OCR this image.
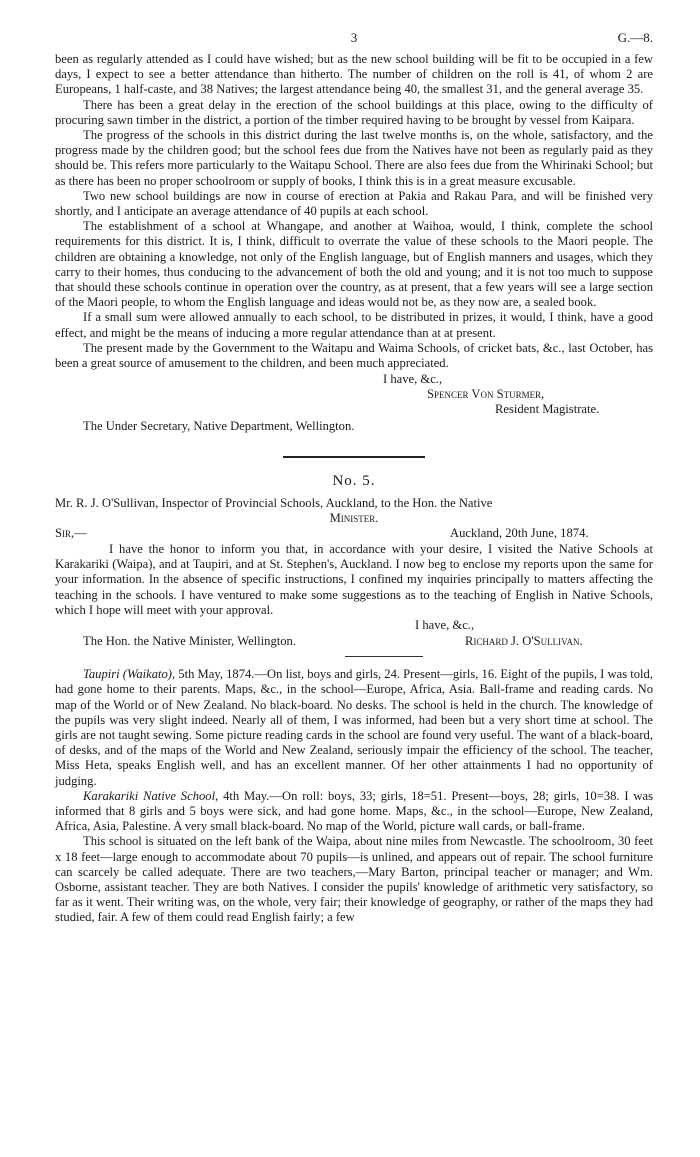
3	G.—8.

been as regularly attended as I could have wished; but as the new school building will be fit to be occupied in a few days, I expect to see a better attendance than hitherto. The number of children on the roll is 41, of whom 2 are Europeans, 1 half-caste, and 38 Natives; the largest attendance being 40, the smallest 31, and the general average 35.

There has been a great delay in the erection of the school buildings at this place, owing to the difficulty of procuring sawn timber in the district, a portion of the timber required having to be brought by vessel from Kaipara.

The progress of the schools in this district during the last twelve months is, on the whole, satisfactory, and the progress made by the children good; but the school fees due from the Natives have not been as regularly paid as they should be. This refers more particularly to the Waitapu School. There are also fees due from the Whirinaki School; but as there has been no proper schoolroom or supply of books, I think this is in a great measure excusable.

Two new school buildings are now in course of erection at Pakia and Rakau Para, and will be finished very shortly, and I anticipate an average attendance of 40 pupils at each school.

The establishment of a school at Whangape, and another at Waihoa, would, I think, complete the school requirements for this district. It is, I think, difficult to overrate the value of these schools to the Maori people. The children are obtaining a knowledge, not only of the English language, but of English manners and usages, which they carry to their homes, thus conducing to the advancement of both the old and young; and it is not too much to suppose that should these schools continue in operation over the country, as at present, that a few years will see a large section of the Maori people, to whom the English language and ideas would not be, as they now are, a sealed book.

If a small sum were allowed annually to each school, to be distributed in prizes, it would, I think, have a good effect, and might be the means of inducing a more regular attendance than at at present.

The present made by the Government to the Waitapu and Waima Schools, of cricket bats, &c., last October, has been a great source of amusement to the children, and been much appreciated.

I have, &c.,
Spencer Von Sturmer,
Resident Magistrate.

The Under Secretary, Native Department, Wellington.

No. 5.

Mr. R. J. O'Sullivan, Inspector of Provincial Schools, Auckland, to the Hon. the Native

Minister.

Sir,—	Auckland, 20th June, 1874.

I have the honor to inform you that, in accordance with your desire, I visited the Native Schools at Karakariki (Waipa), and at Taupiri, and at St. Stephen's, Auckland. I now beg to enclose my reports upon the same for your information. In the absence of specific instructions, I confined my inquiries principally to matters affecting the teaching in the schools. I have ventured to make some suggestions as to the teaching of English in Native Schools, which I hope will meet with your approval.

I have, &c.,
The Hon. the Native Minister, Wellington.	Richard J. O'Sullivan.

Taupiri (Waikato), 5th May, 1874.—On list, boys and girls, 24. Present—girls, 16. Eight of the pupils, I was told, had gone home to their parents. Maps, &c., in the school—Europe, Africa, Asia. Ball-frame and reading cards. No map of the World or of New Zealand. No black-board. No desks. The school is held in the church. The knowledge of the pupils was very slight indeed. Nearly all of them, I was informed, had been but a very short time at school. The girls are not taught sewing. Some picture reading cards in the school are found very useful. The want of a black-board, of desks, and of the maps of the World and New Zealand, seriously impair the efficiency of the school. The teacher, Miss Heta, speaks English well, and has an excellent manner. Of her other attainments I had no opportunity of judging.

Karakariki Native School, 4th May.—On roll: boys, 33; girls, 18=51. Present—boys, 28; girls, 10=38. I was informed that 8 girls and 5 boys were sick, and had gone home. Maps, &c., in the school—Europe, New Zealand, Africa, Asia, Palestine. A very small black-board. No map of the World, picture wall cards, or ball-frame.

This school is situated on the left bank of the Waipa, about nine miles from Newcastle. The schoolroom, 30 feet x 18 feet—large enough to accommodate about 70 pupils—is unlined, and appears out of repair. The school furniture can scarcely be called adequate. There are two teachers,—Mary Barton, principal teacher or manager; and Wm. Osborne, assistant teacher. They are both Natives. I consider the pupils' knowledge of arithmetic very satisfactory, so far as it went. Their writing was, on the whole, very fair; their knowledge of geography, or rather of the maps they had studied, fair. A few of them could read English fairly; a few
